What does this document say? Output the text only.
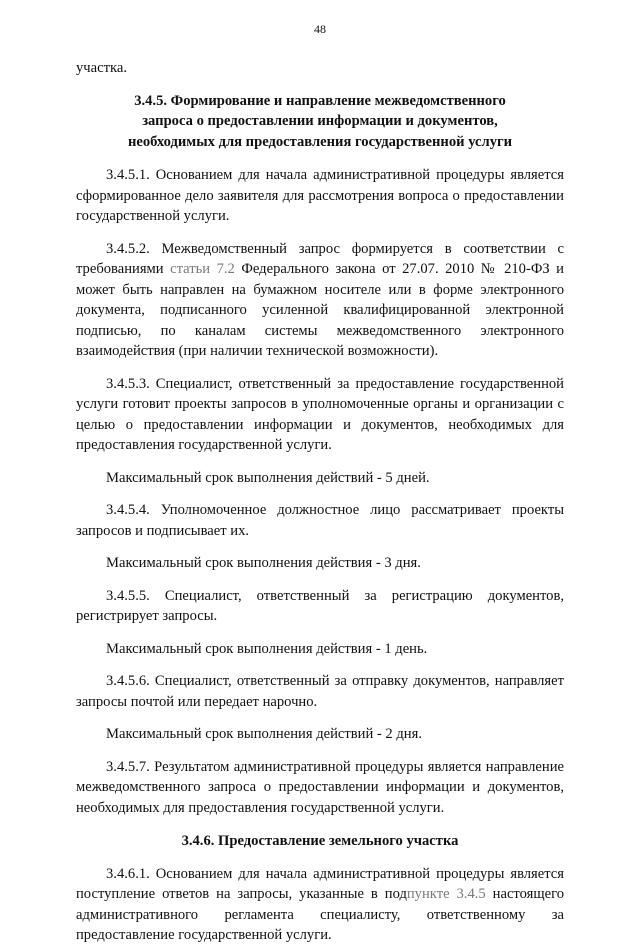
48

участка.

3.4.5. Формирование и направление межведомственного
запроса о предоставлении информации и документов,
необходимых для предоставления государственной услуги

3.4.5.1. Основанием для начала административной процедуры является сформированное дело заявителя для рассмотрения вопроса о предоставлении государственной услуги.

3.4.5.2. Межведомственный запрос формируется в соответствии с требованиями статьи 7.2 Федерального закона от 27.07. 2010 № 210-ФЗ и может быть направлен на бумажном носителе или в форме электронного документа, подписанного усиленной квалифицированной электронной подписью, по каналам системы межведомственного электронного взаимодействия (при наличии технической возможности).

3.4.5.3. Специалист, ответственный за предоставление государственной услуги готовит проекты запросов в уполномоченные органы и организации с целью о предоставлении информации и документов, необходимых для предоставления государственной услуги.

Максимальный срок выполнения действий - 5 дней.

3.4.5.4. Уполномоченное должностное лицо рассматривает проекты запросов и подписывает их.

Максимальный срок выполнения действия - 3 дня.

3.4.5.5. Специалист, ответственный за регистрацию документов, регистрирует запросы.

Максимальный срок выполнения действия - 1 день.

3.4.5.6. Специалист, ответственный за отправку документов, направляет запросы почтой или передает нарочно.

Максимальный срок выполнения действий - 2 дня.

3.4.5.7. Результатом административной процедуры является направление межведомственного запроса о предоставлении информации и документов, необходимых для предоставления государственной услуги.

3.4.6. Предоставление земельного участка

3.4.6.1. Основанием для начала административной процедуры является поступление ответов на запросы, указанные в подпункте 3.4.5 настоящего административного регламента специалисту, ответственному за предоставление государственной услуги.
